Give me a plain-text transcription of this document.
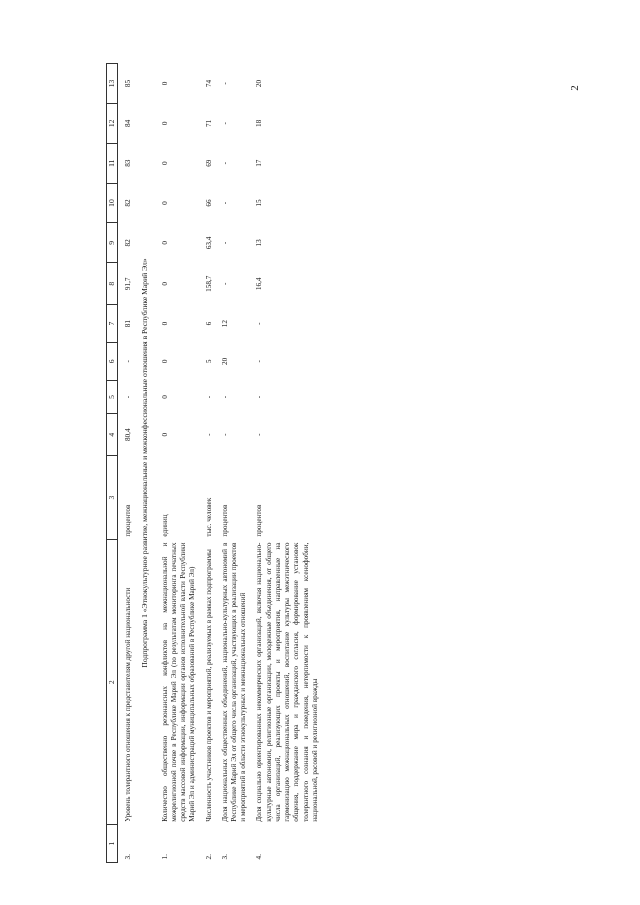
2
1	2	3	4	5	6	7	8	9	10	11	12	13
3.	Уровень толерантного отношения к представителям другой национальности	процентов	80,4	-	-	81	91,7	82	82	83	84	85
Подпрограмма 1 «Этнокультурное развитие, межнациональные и межконфессиональные отношения в Республике Марий Эл»												
1.	Количество общественно резонансных конфликтов на межнациональной и межрелигиозной почве в Республике Марий Эл (по результатам мониторинга печатных средств массовой информации, информации органов исполнительной власти Республики Марий Эл и администраций муниципальных образований в Республике Марий Эл)	единиц	0	0	0	0	0	0	0	0	0	0
2.	Численность участников проектов и мероприятий, реализуемых в рамках подпрограммы	тыс. человек	-	-	5	6	158,7	63,4	66	69	71	74
3.	Доля национальных общественных объединений, национально-культурных автономий в Республике Марий Эл от общего числа организаций, участвующих в реализации проектов и мероприятий в области этнокультурных и межнациональных отношений	процентов	-	-	20	12	-	-	-	-	-	-
4.	Доля социально ориентированных некоммерческих организаций, включая национально-культурные автономии, религиозные организации, молодежные объединения, от общего числа организаций, реализующих проекты и мероприятия, направленные на гармонизацию межнациональных отношений, воспитание культуры межэтнического общения, поддержание мира и гражданского согласия, формирование установок толерантного сознания и поведения, нетерпимости к проявлениям ксенофобии, национальной, расовой и религиозной вражды	процентов	-	-	-	-	16,4	13	15	17	18	20
